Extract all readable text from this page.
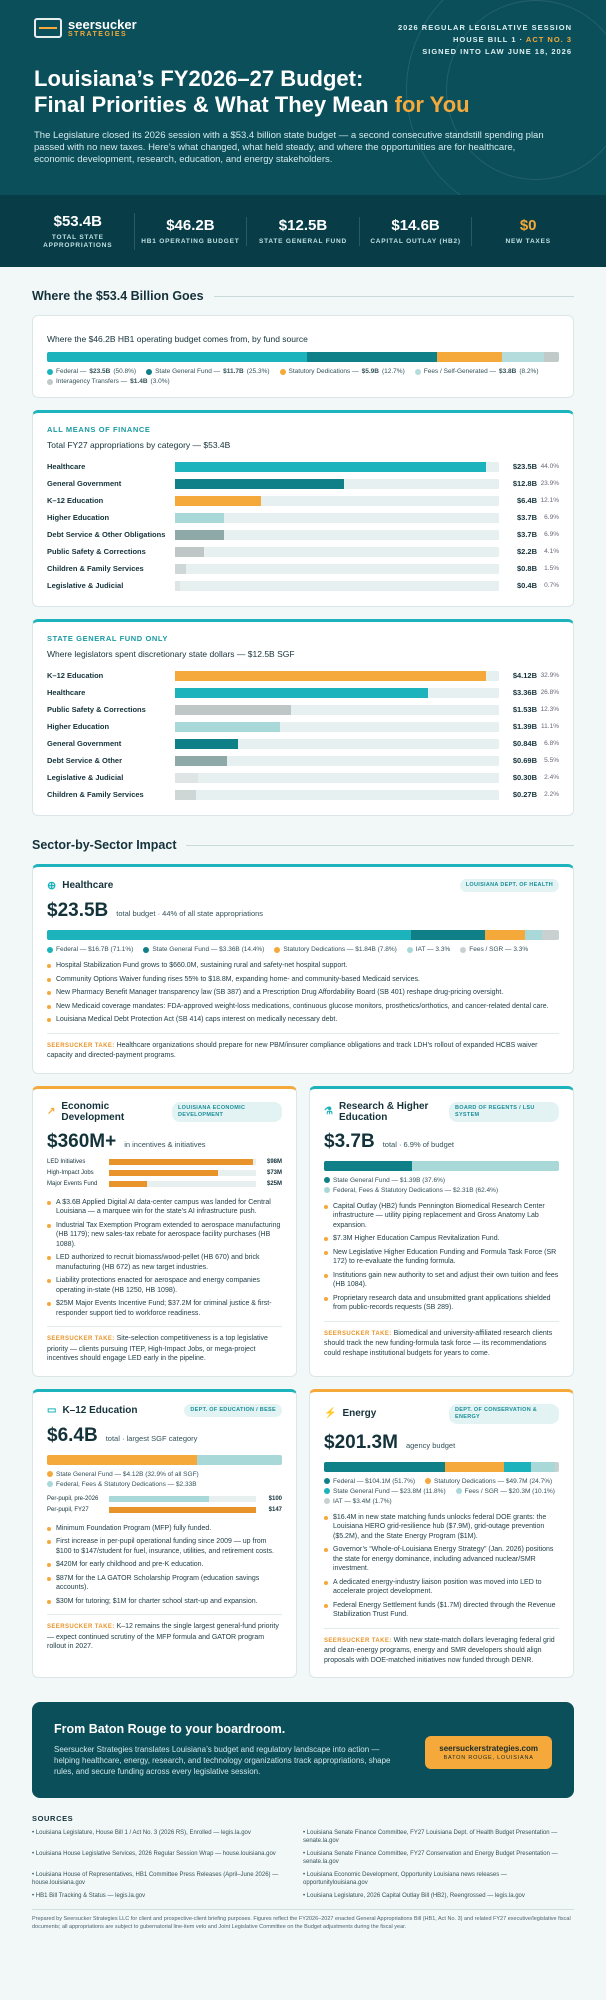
seersucker
STRATEGIES
2026 REGULAR LEGISLATIVE SESSION
HOUSE BILL 1 · ACT NO. 3
SIGNED INTO LAW JUNE 18, 2026
Louisiana’s FY2026–27 Budget:
Final Priorities & What They Mean for You

The Legislature closed its 2026 session with a $53.4 billion state budget — a second consecutive standstill spending plan passed with no new taxes. Here’s what changed, what held steady, and where the opportunities are for healthcare, economic development, research, education, and energy stakeholders.

$53.4B
TOTAL STATE APPROPRIATIONS
$46.2B
HB1 OPERATING BUDGET
$12.5B
STATE GENERAL FUND
$14.6B
CAPITAL OUTLAY (HB2)
$0
NEW TAXES
Where the $53.4 Billion Goes
Where the $46.2B HB1 operating budget comes from, by fund source
Federal — $23.5B (50.8%)	State General Fund — $11.7B (25.3%)	Statutory Dedications — $5.9B (12.7%)	Fees / Self-Generated — $3.8B (8.2%)
Interagency Transfers — $1.4B (3.0%)
ALL MEANS OF FINANCE
Total FY27 appropriations by category — $53.4B
Healthcare	$23.5B 44.0%
General Government	$12.8B 23.9%
K–12 Education	$6.4B 12.1%
Higher Education	$3.7B	6.9%
Debt Service & Other Obligations	$3.7B	6.9%
Public Safety & Corrections	$2.2B	4.1%
Children & Family Services	$0.8B	1.5%
Legislative & Judicial	$0.4B	0.7%
STATE GENERAL FUND ONLY
Where legislators spent discretionary state dollars — $12.5B SGF
K–12 Education	$4.12B 32.9%
Healthcare	$3.36B 26.8%
Public Safety & Corrections	$1.53B 12.3%
Higher Education	$1.39B 11.1%
General Government	$0.84B	6.8%
Debt Service & Other	$0.69B	5.5%
Legislative & Judicial	$0.30B	2.4%
Children & Family Services	$0.27B	2.2%
Sector-by-Sector Impact
⊕ Healthcare	LOUISIANA DEPT. OF HEALTH
$23.5B total budget · 44% of all state appropriations
Federal — $16.7B (71.1%)	State General Fund — $3.36B (14.4%)	Statutory Dedications — $1.84B (7.8%)	IAT — 3.3%	Fees / SGR — 3.3%
Hospital Stabilization Fund grows to $660.0M, sustaining rural and safety-net hospital support.
Community Options Waiver funding rises 55% to $18.8M, expanding home- and community-based Medicaid services.
New Pharmacy Benefit Manager transparency law (SB 387) and a Prescription Drug Affordability Board (SB 401) reshape drug-pricing oversight.
New Medicaid coverage mandates: FDA-approved weight-loss medications, continuous glucose monitors, prosthetics/orthotics, and cancer-related dental care.
Louisiana Medical Debt Protection Act (SB 414) caps interest on medically necessary debt.
SEERSUCKER TAKE: Healthcare organizations should prepare for new PBM/insurer compliance obligations and track LDH’s rollout of expanded HCBS waiver capacity and directed-payment programs.
↗ Economic Development
LOUISIANA ECONOMIC DEVELOPMENT
$360M+ in incentives & initiatives
LED Initiatives	$98M
High-Impact Jobs	$73M
Major Events Fund	$25M
A $3.6B Applied Digital AI data-center campus was landed for Central Louisiana — a marquee win for the state’s AI infrastructure push.
Industrial Tax Exemption Program extended to aerospace manufacturing (HB 1179); new sales-tax rebate for aerospace facility purchases (HB 1088).
LED authorized to recruit biomass/wood-pellet (HB 670) and brick manufacturing (HB 672) as new target industries.
Liability protections enacted for aerospace and energy companies operating in-state (HB 1250, HB 1098).
$25M Major Events Incentive Fund; $37.2M for criminal justice & first-responder support tied to workforce readiness.
SEERSUCKER TAKE: Site-selection competitiveness is a top legislative priority — clients pursuing ITEP, High-Impact Jobs, or mega-project incentives should engage LED early in the pipeline.
⚗ Research & Higher Education
BOARD OF REGENTS / LSU SYSTEM
$3.7B total · 6.9% of budget
State General Fund — $1.39B (37.6%)
Federal, Fees & Statutory Dedications — $2.31B (62.4%)
Capital Outlay (HB2) funds Pennington Biomedical Research Center infrastructure — utility piping replacement and Gross Anatomy Lab expansion.
$7.3M Higher Education Campus Revitalization Fund.
New Legislative Higher Education Funding and Formula Task Force (SR 172) to re-evaluate the funding formula.
Institutions gain new authority to set and adjust their own tuition and fees (HB 1084).
Proprietary research data and unsubmitted grant applications shielded from public-records requests (SB 289).
SEERSUCKER TAKE: Biomedical and university-affiliated research clients should track the new funding-formula task force — its recommendations could reshape institutional budgets for years to come.
▭ K–12 Education	DEPT. OF EDUCATION / BESE
$6.4B total · largest SGF category
State General Fund — $4.12B (32.9% of all SGF)
Federal, Fees & Statutory Dedications — $2.33B
Per-pupil, pre-2026	$100
Per-pupil, FY27	$147
Minimum Foundation Program (MFP) fully funded.
First increase in per-pupil operational funding since 2009 — up from $100 to $147/student for fuel, insurance, utilities, and retirement costs.
$420M for early childhood and pre-K education.
$87M for the LA GATOR Scholarship Program (education savings accounts).
$30M for tutoring; $1M for charter school start-up and expansion.
SEERSUCKER TAKE: K–12 remains the single largest general-fund priority — expect continued scrutiny of the MFP formula and GATOR program rollout in 2027.
⚡ Energy	DEPT. OF CONSERVATION & ENERGY
$201.3M agency budget
Federal — $104.1M (51.7%)	Statutory Dedications — $49.7M (24.7%)
State General Fund — $23.8M (11.8%)	Fees / SGR — $20.3M (10.1%)
IAT — $3.4M (1.7%)
$16.4M in new state matching funds unlocks federal DOE grants: the Louisiana HERO grid-resilience hub ($7.9M), grid-outage prevention ($5.2M), and the State Energy Program ($1M).
Governor’s “Whole-of-Louisiana Energy Strategy” (Jan. 2026) positions the state for energy dominance, including advanced nuclear/SMR investment.
A dedicated energy-industry liaison position was moved into LED to accelerate project development.
Federal Energy Settlement funds ($1.7M) directed through the Revenue Stabilization Trust Fund.
SEERSUCKER TAKE: With new state-match dollars leveraging federal grid and clean-energy programs, energy and SMR developers should align proposals with DOE-matched initiatives now funded through DENR.
From Baton Rouge to your boardroom.

Seersucker Strategies translates Louisiana’s budget and regulatory landscape into action — helping healthcare, energy, research, and technology organizations track appropriations, shape rules, and secure funding across every legislative session.

seersuckerstrategies.com
BATON ROUGE, LOUISIANA
SOURCES
• Louisiana Legislature, House Bill 1 / Act No. 3 (2026 RS), Enrolled — legis.la.gov	• Louisiana Senate Finance Committee, FY27 Louisiana Dept. of Health Budget Presentation — senate.la.gov
• Louisiana House Legislative Services, 2026 Regular Session Wrap — house.louisiana.gov	• Louisiana Senate Finance Committee, FY27 Conservation and Energy Budget Presentation — senate.la.gov
• Louisiana House of Representatives, HB1 Committee Press Releases (April–June 2026) — house.louisiana.gov
• Louisiana Economic Development, Opportunity Louisiana news releases — opportunitylouisiana.gov
• HB1 Bill Tracking & Status — legis.la.gov	• Louisiana Legislature, 2026 Capital Outlay Bill (HB2), Reengrossed — legis.la.gov
Prepared by Seersucker Strategies LLC for client and prospective-client briefing purposes. Figures reflect the FY2026–2027 enacted General Appropriations Bill (HB1, Act No. 3) and related FY27 executive/legislative fiscal documents; all appropriations are subject to gubernatorial line-item veto and Joint Legislative Committee on the Budget adjustments during the fiscal year.
